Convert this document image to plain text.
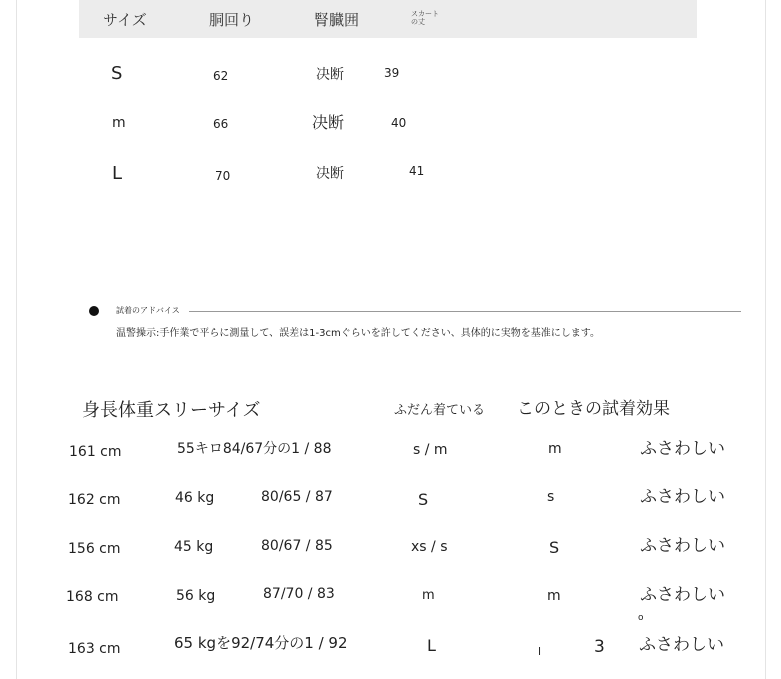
サイズ	胴回り	腎臓囲	スカート
の丈
S	62	决断	39
m	66	决断	40
L	70	决断	41
試着のアドバイス
温警操示:手作業で平らに測量して、誤差は1-3cmぐらいを許してください、具体的に実物を基准にします。
身長体重スリーサイズ	ふだん着ている このときの試着効果
161 cm	55キロ84/67分の1 / 88	s / m	m	ふさわしい
162 cm	46 kg	80/65 / 87	S	s	ふさわしい
156 cm	45 kg	80/67 / 85	xs / s	S	ふさわしい
168 cm	56 kg	87/70 / 83	m	m	ふさわしい
o
163 cm	65 kgを92/74分の1 / 92	L	l	3 ふさわしい
